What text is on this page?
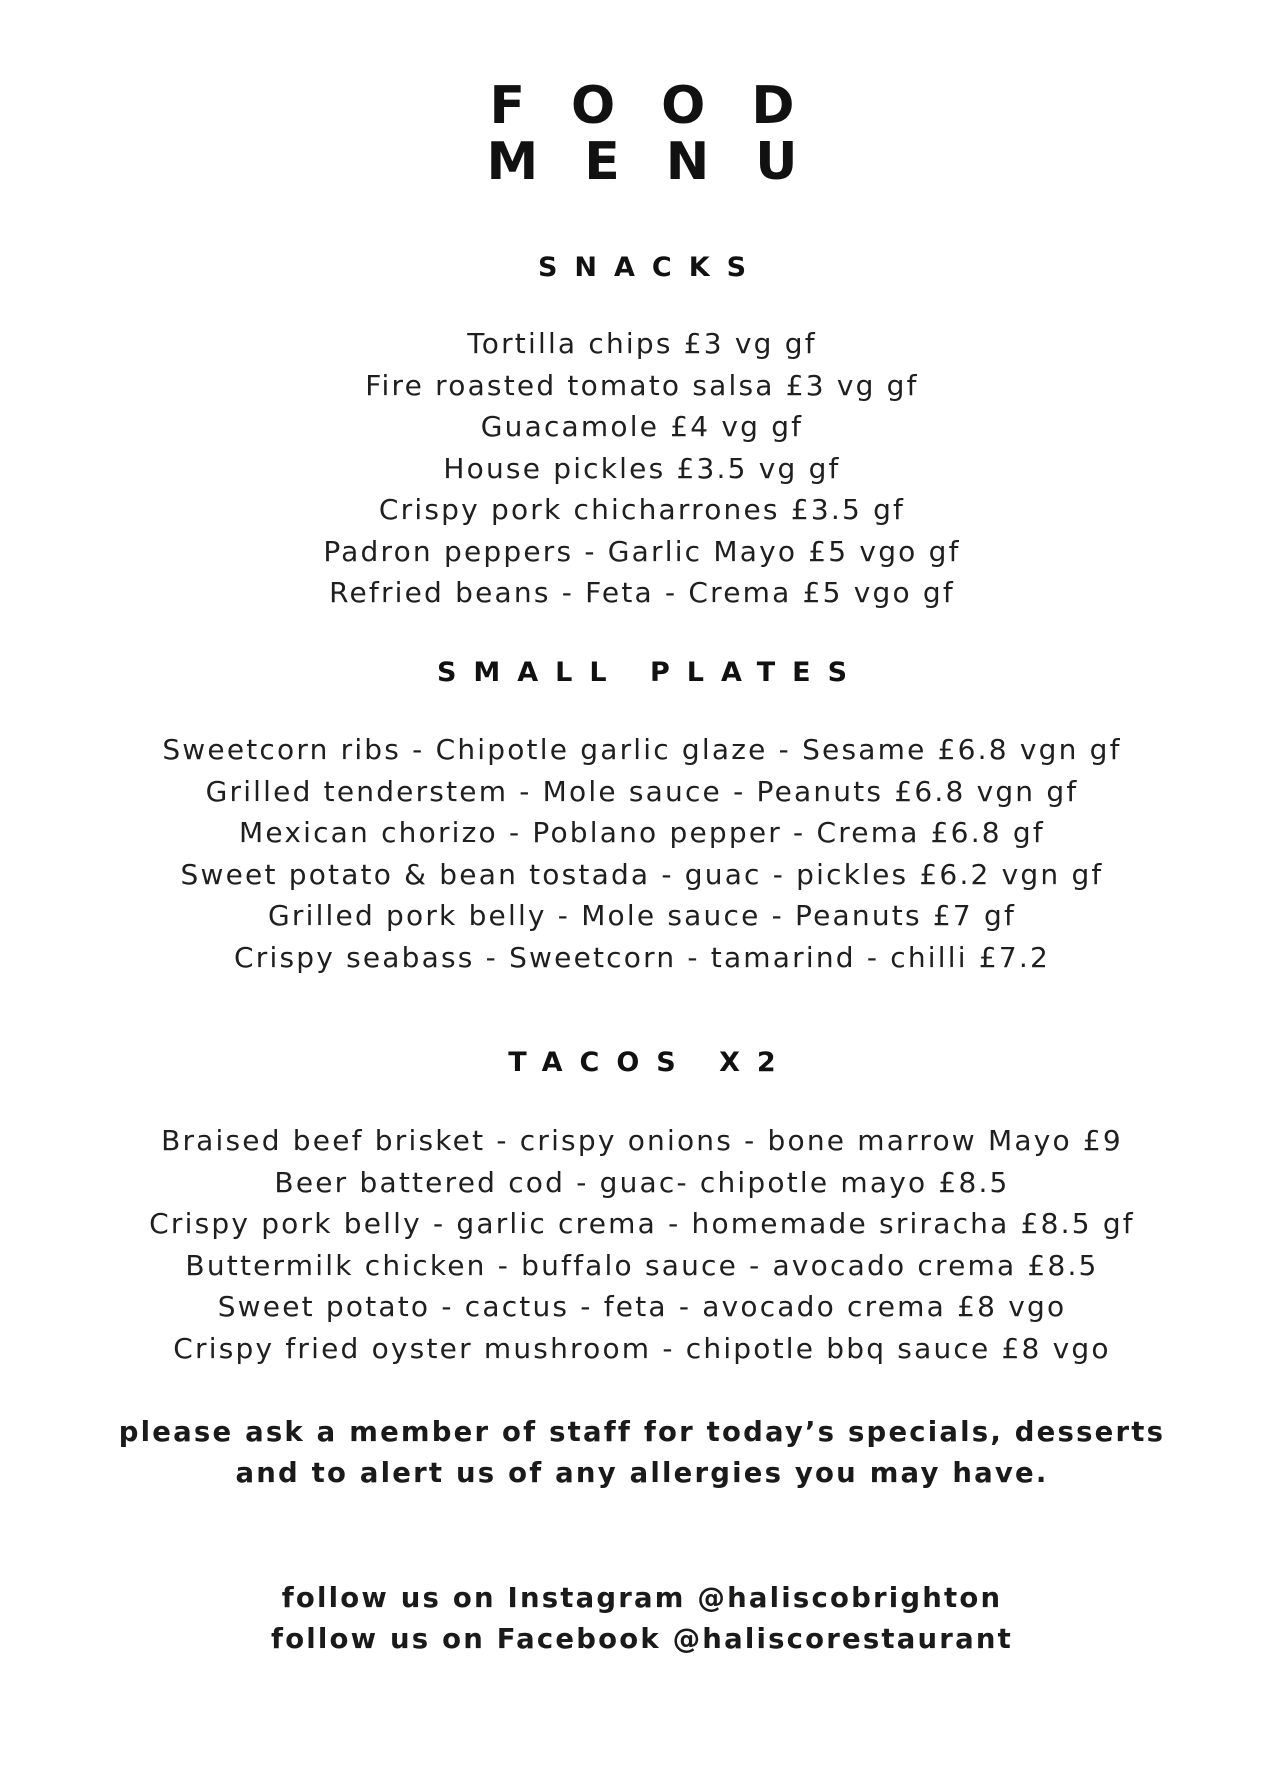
FOOD
MENU
SNACKS
Tortilla chips £3 vg gf
Fire roasted tomato salsa £3 vg gf
Guacamole £4 vg gf
House pickles £3.5 vg gf
Crispy pork chicharrones £3.5 gf
Padron peppers - Garlic Mayo £5 vgo gf
Refried beans - Feta - Crema £5 vgo gf
SMALL PLATES
Sweetcorn ribs - Chipotle garlic glaze - Sesame £6.8 vgn gf
Grilled tenderstem - Mole sauce - Peanuts £6.8 vgn gf
Mexican chorizo - Poblano pepper - Crema £6.8 gf
Sweet potato & bean tostada - guac - pickles £6.2 vgn gf
Grilled pork belly - Mole sauce - Peanuts £7 gf
Crispy seabass - Sweetcorn - tamarind - chilli £7.2
TACOS X2
Braised beef brisket - crispy onions - bone marrow Mayo £9
Beer battered cod - guac- chipotle mayo £8.5
Crispy pork belly - garlic crema - homemade sriracha £8.5 gf
Buttermilk chicken - buffalo sauce - avocado crema £8.5
Sweet potato - cactus - feta - avocado crema £8 vgo
Crispy fried oyster mushroom - chipotle bbq sauce £8 vgo

please ask a member of staff for today’s specials, desserts
and to alert us of any allergies you may have.

follow us on Instagram @haliscobrighton
follow us on Facebook @haliscorestaurant
